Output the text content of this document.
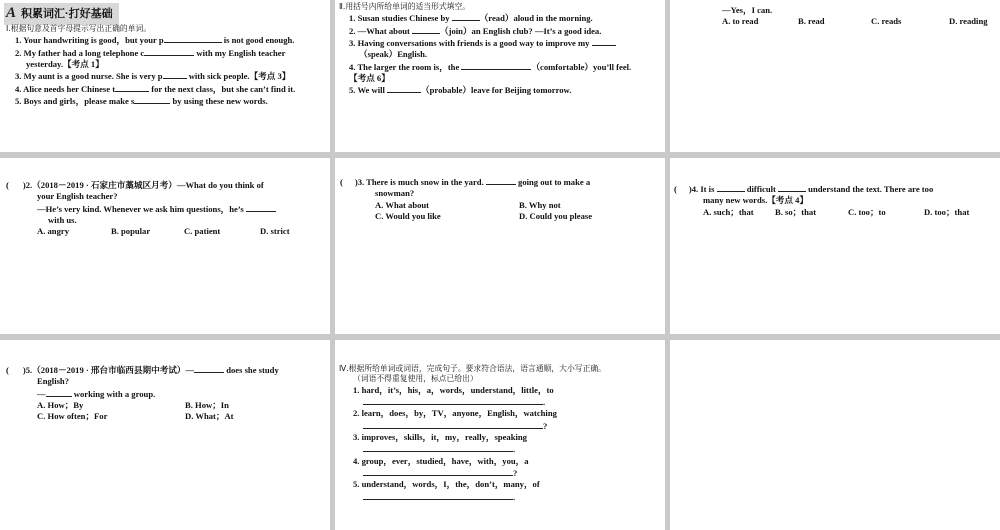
A 积累词汇·打好基础

Ⅰ.根据句意及首字母提示写出正确的单词。

1. Your handwriting is good，but your p	is not good enough.

2. My father had a long telephone c	with my English teacher

yesterday.【考点 1】

3. My aunt is a good nurse. She is very p	with sick people.【考点 3】

4. Alice needs her Chinese t	for the next class，but she can’t find it.

5. Boys and girls，please make s	by using these new words.

Ⅱ.用括号内所给单词的适当形式填空。

1. Susan studies Chinese by	（read）aloud in the morning.

2. —What about	（join）an English club? —It’s a good idea.

3. Having conversations with friends is a good way to improve my

（speak）English.

4. The larger the room is，the	（comfortable）you’ll feel.

【考点 6】

5. We will	（probable）leave for Beijing tomorrow.

—Yes，I can.

A. to read	B. read	C. reads	D. reading

( )2.（2018－2019 · 石家庄市藁城区月考）—What do you think of

your English teacher?

—He’s very kind. Whenever we ask him questions，he’s

with us.

A. angry	B. popular	C. patient	D. strict

( )3. There is much snow in the yard.	going out to make a

snowman?

A. What about	B. Why not
C. Would you like	D. Could you please

( )4. It is	difficult	understand the text. There are too

many new words.【考点 4】

A. such；that	B. so；that	C. too；to	D. too；that

( )5.（2018－2019 · 邢台市临西县期中考试）—	does she study

English?

—	working with a group.

A. How；By	B. How；In
C. How often；For	D. What；At

Ⅳ.根据所给单词或词语，完成句子。要求符合语法，语言通顺，大小写正确。

（词语不得重复使用，标点已给出）

1. hard，it’s，his，a，words，understand，little，to

.

2. learn，does，by，TV，anyone，English，watching

?

3. improves，skills，it，my，really，speaking

.

4. group，ever，studied，have，with，you，a

?

5. understand，words，I，the，don’t，many，of

.
